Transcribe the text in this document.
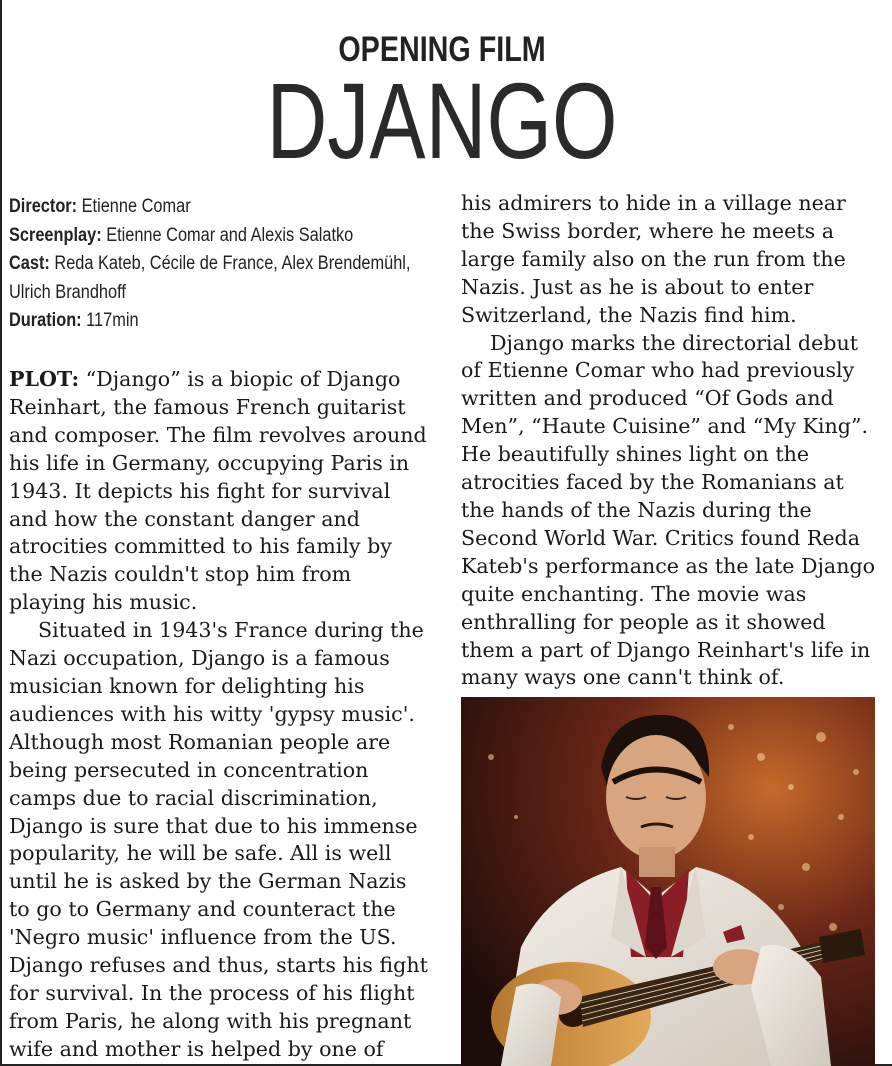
OPENING FILM
DJANGO
Director: Etienne Comar
Screenplay: Etienne Comar and Alexis Salatko
Cast: Reda Kateb, Cécile de France, Alex Brendemühl, Ulrich Brandhoff
Duration: 117min

PLOT: “Django” is a biopic of Django Reinhart, the famous French guitarist and composer. The film revolves around his life in Germany, occupying Paris in 1943. It depicts his fight for survival and how the constant danger and atrocities committed to his family by the Nazis couldn't stop him from playing his music.

Situated in 1943's France during the Nazi occupation, Django is a famous musician known for delighting his audiences with his witty 'gypsy music'. Although most Romanian people are being persecuted in concentration camps due to racial discrimination, Django is sure that due to his immense popularity, he will be safe. All is well until he is asked by the German Nazis to go to Germany and counteract the 'Negro music' influence from the US. Django refuses and thus, starts his fight for survival. In the process of his flight from Paris, he along with his pregnant wife and mother is helped by one of

his admirers to hide in a village near the Swiss border, where he meets a large family also on the run from the Nazis. Just as he is about to enter Switzerland, the Nazis find him.

Django marks the directorial debut of Etienne Comar who had previously written and produced “Of Gods and Men”, “Haute Cuisine” and “My King”. He beautifully shines light on the atrocities faced by the Romanians at the hands of the Nazis during the Second World War. Critics found Reda Kateb's performance as the late Django quite enchanting. The movie was enthralling for people as it showed them a part of Django Reinhart's life in many ways one cann't think of.
